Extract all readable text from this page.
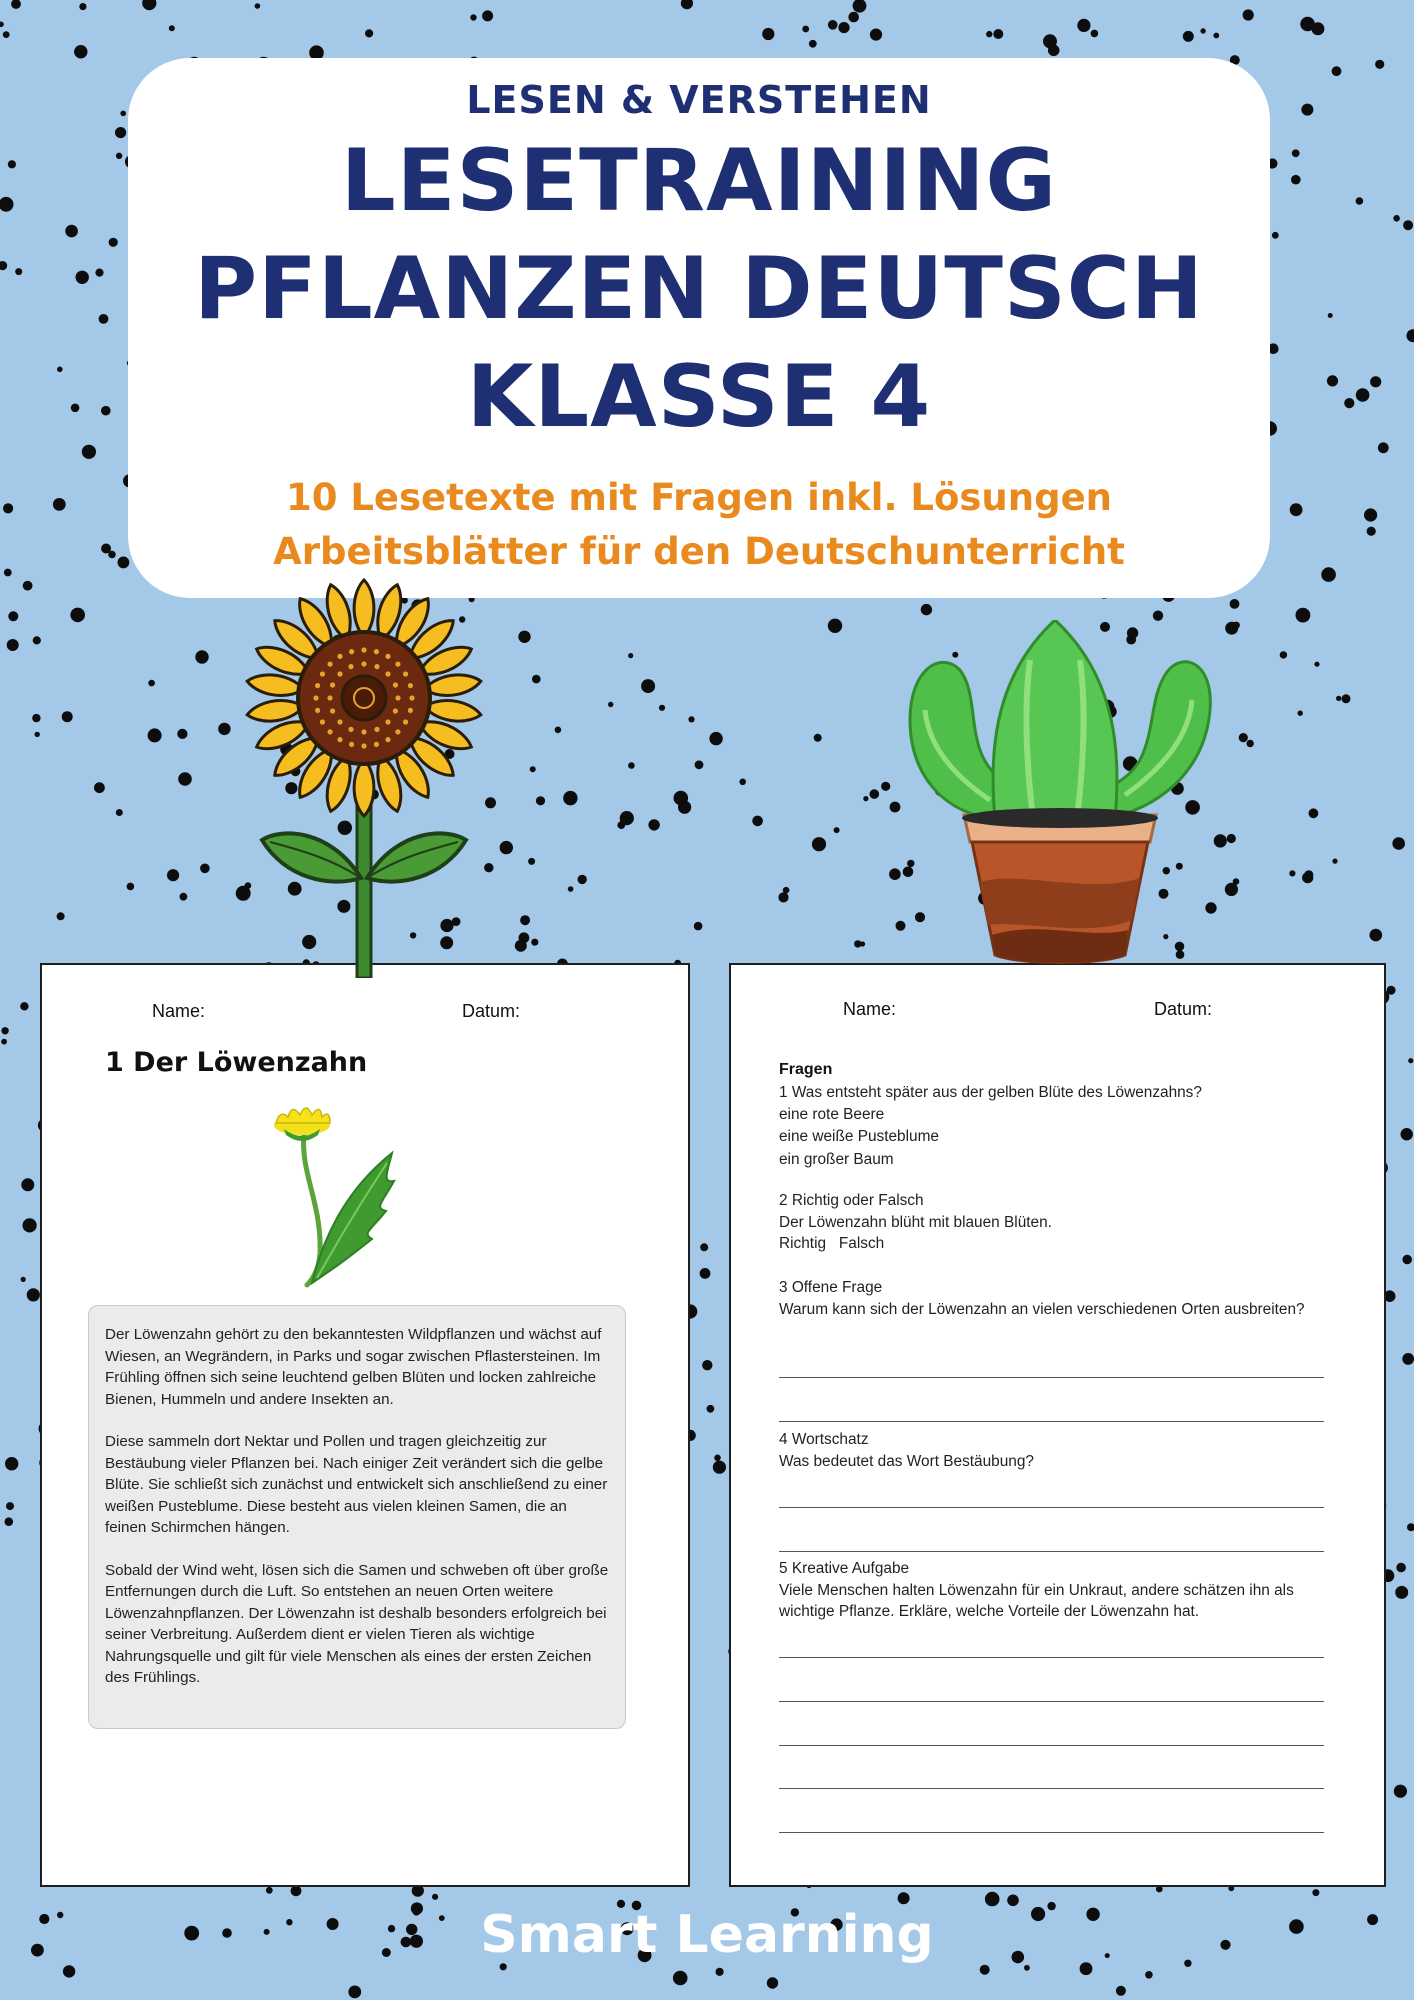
LESEN & VERSTEHEN
LESETRAINING
PFLANZEN DEUTSCH
KLASSE 4
10 Lesetexte mit Fragen inkl. Lösungen
Arbeitsblätter für den Deutschunterricht
Name:	Datum:
1 Der Löwenzahn

Der Löwenzahn gehört zu den bekanntesten Wildpflanzen und wächst auf Wiesen, an Wegrändern, in Parks und sogar zwischen Pflastersteinen. Im Frühling öffnen sich seine leuchtend gelben Blüten und locken zahlreiche Bienen, Hummeln und andere Insekten an.

Diese sammeln dort Nektar und Pollen und tragen gleichzeitig zur Bestäubung vieler Pflanzen bei. Nach einiger Zeit verändert sich die gelbe Blüte. Sie schließt sich zunächst und entwickelt sich anschließend zu einer weißen Pusteblume. Diese besteht aus vielen kleinen Samen, die an feinen Schirmchen hängen.

Sobald der Wind weht, lösen sich die Samen und schweben oft über große Entfernungen durch die Luft. So entstehen an neuen Orten weitere Löwenzahnpflanzen. Der Löwenzahn ist deshalb besonders erfolgreich bei seiner Verbreitung. Außerdem dient er vielen Tieren als wichtige Nahrungsquelle und gilt für viele Menschen als eines der ersten Zeichen des Frühlings.

Name:	Datum:
Fragen
1 Was entsteht später aus der gelben Blüte des Löwenzahns?
eine rote Beere
eine weiße Pusteblume
ein großer Baum
2 Richtig oder Falsch
Der Löwenzahn blüht mit blauen Blüten.
Richtig Falsch
3 Offene Frage
Warum kann sich der Löwenzahn an vielen verschiedenen Orten ausbreiten?
4 Wortschatz
Was bedeutet das Wort Bestäubung?
5 Kreative Aufgabe
Viele Menschen halten Löwenzahn für ein Unkraut, andere schätzen ihn als wichtige Pflanze. Erkläre, welche Vorteile der Löwenzahn hat.
Smart Learning
